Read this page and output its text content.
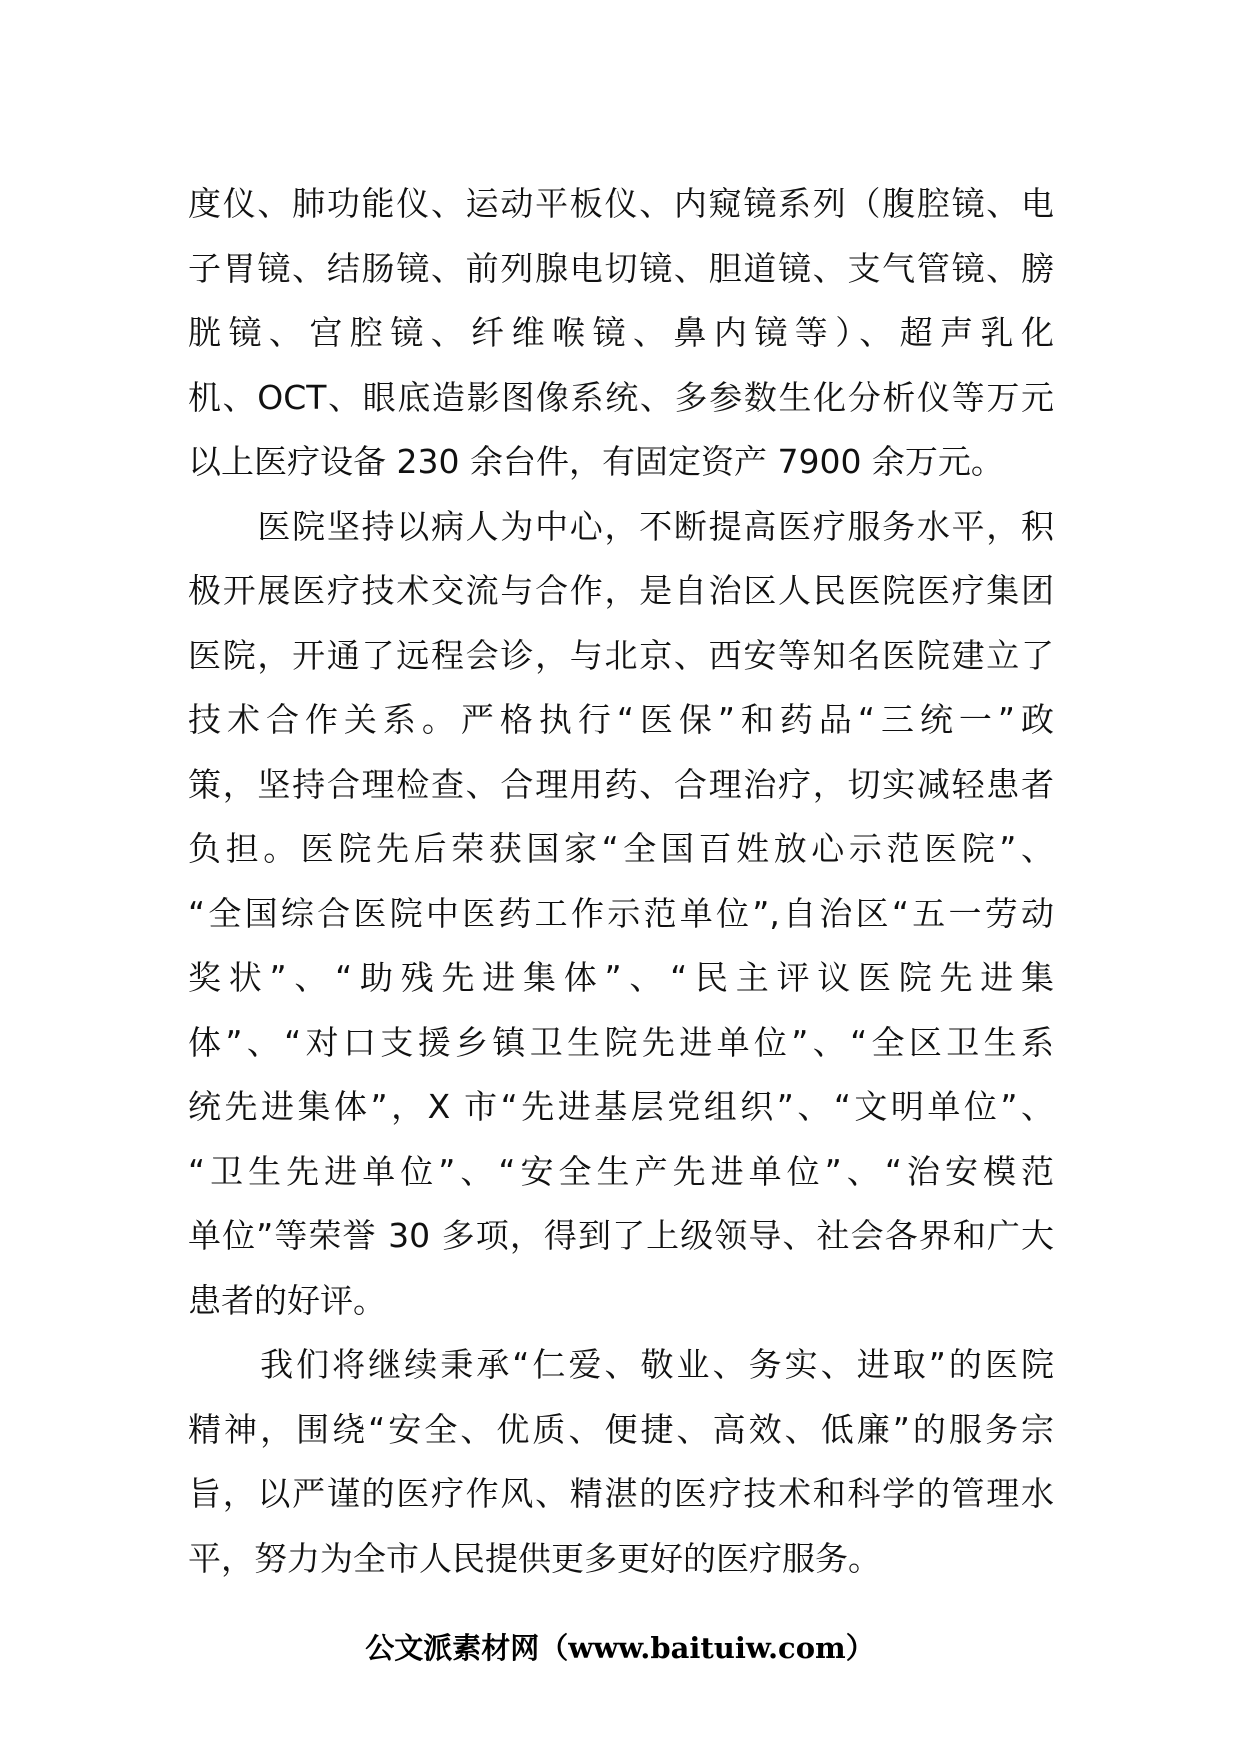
度仪、肺功能仪、运动平板仪、内窥镜系列（腹腔镜、电
子胃镜、结肠镜、前列腺电切镜、胆道镜、支气管镜、膀
胱镜、宫腔镜、纤维喉镜、鼻内镜等）、超声乳化
机、OCT、眼底造影图像系统、多参数生化分析仪等万元
以上医疗设备 230 余台件，有固定资产 7900 余万元。
　　医院坚持以病人为中心，不断提高医疗服务水平，积
极开展医疗技术交流与合作，是自治区人民医院医疗集团
医院，开通了远程会诊，与北京、西安等知名医院建立了
技术合作关系。严格执行“医保”和药品“三统一”政
策，坚持合理检查、合理用药、合理治疗，切实减轻患者
负担。医院先后荣获国家“全国百姓放心示范医院”、
“全国综合医院中医药工作示范单位”,自治区“五一劳动
奖状”、“助残先进集体”、“民主评议医院先进集
体”、“对口支援乡镇卫生院先进单位”、“全区卫生系
统先进集体”，X 市“先进基层党组织”、“文明单位”、
“卫生先进单位”、“安全生产先进单位”、“治安模范
单位”等荣誉 30 多项，得到了上级领导、社会各界和广大
患者的好评。
　　我们将继续秉承“仁爱、敬业、务实、进取”的医院
精神，围绕“安全、优质、便捷、高效、低廉”的服务宗
旨，以严谨的医疗作风、精湛的医疗技术和科学的管理水
平，努力为全市人民提供更多更好的医疗服务。
公文派素材网（www.baituiw.com）
